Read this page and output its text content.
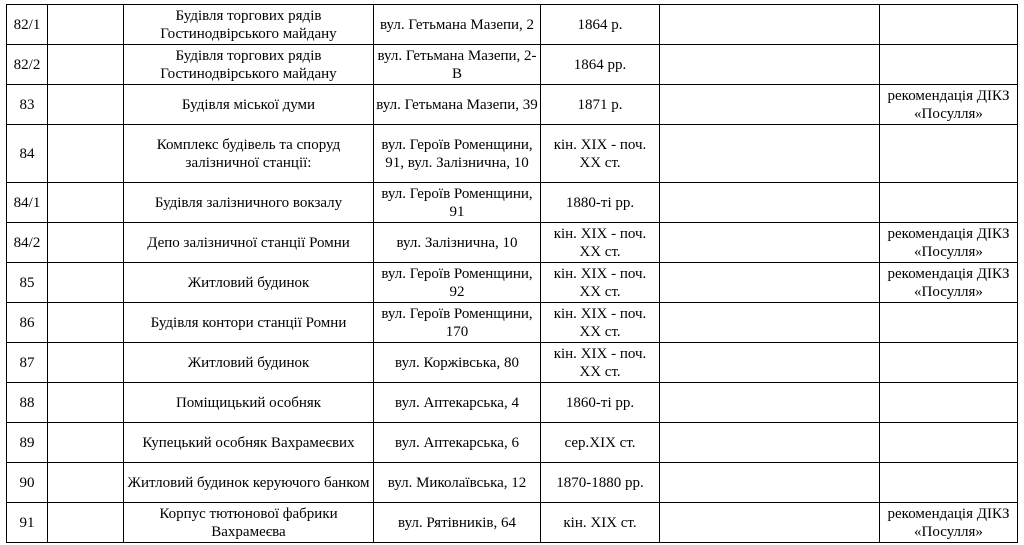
82/1		Будівля торгових рядів Гостинодвірського майдану	вул. Гетьмана Мазепи, 2	1864 р.		
82/2		Будівля торгових рядів Гостинодвірського майдану	вул. Гетьмана Мазепи, 2-В	1864 рр.		
83		Будівля міської думи	вул. Гетьмана Мазепи, 39	1871 р.		рекомендація ДІКЗ «Посулля»
84		Комплекс будівель та споруд залізничної станції:	вул. Героїв Роменщини, 91, вул. Залізнична, 10	кін. XIX - поч. XX ст.		
84/1		Будівля залізничного вокзалу	вул. Героїв Роменщини, 91	1880-ті рр.		
84/2		Депо залізничної станції Ромни	вул. Залізнична, 10	кін. XIX - поч. XX ст.		рекомендація ДІКЗ «Посулля»
85		Житловий будинок	вул. Героїв Роменщини, 92	кін. XIX - поч. XX ст.		рекомендація ДІКЗ «Посулля»
86		Будівля контори станції Ромни	вул. Героїв Роменщини, 170	кін. XIX - поч. XX ст.		
87		Житловий будинок	вул. Коржівська, 80	кін. XIX - поч. XX ст.		
88		Поміщицький особняк	вул. Аптекарська, 4	1860-ті рр.		
89		Купецький особняк Вахрамеєвих	вул. Аптекарська, 6	сер.XIX ст.		
90		Житловий будинок керуючого банком	вул. Миколаївська, 12	1870-1880 рр.		
91		Корпус тютюнової фабрики Вахрамеєва	вул. Рятівників, 64	кін. XIX ст.		рекомендація ДІКЗ «Посулля»
